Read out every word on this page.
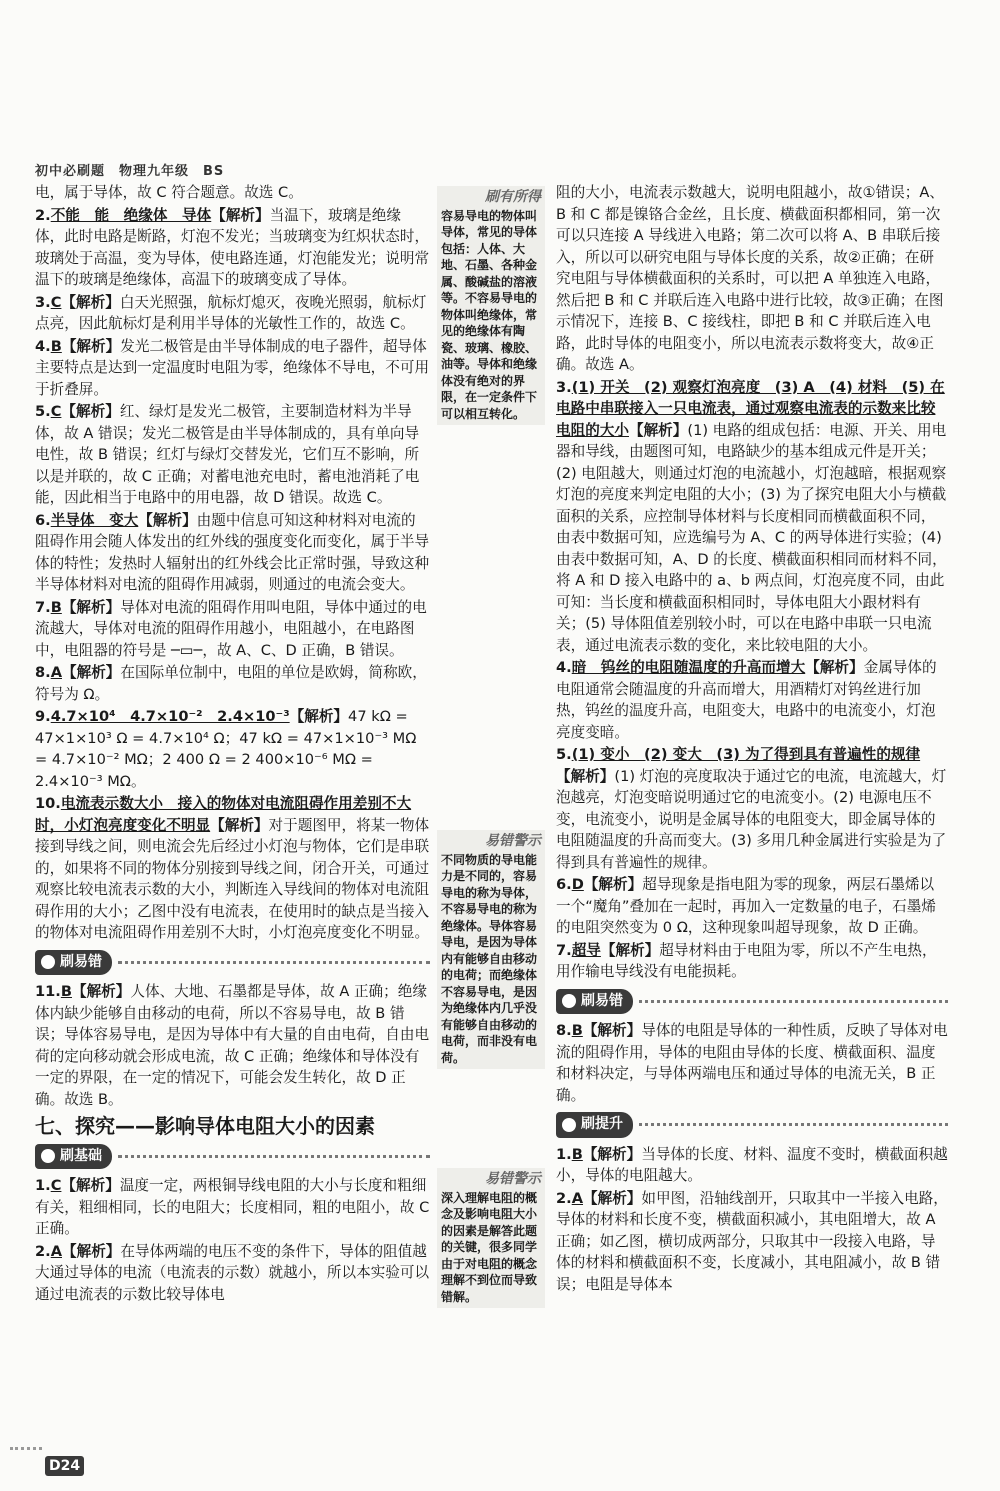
初中必刷题　物理九年级　BS
电，属于导体，故 C 符合题意。故选 C。
2.不能　能　绝缘体　导体【解析】当温下，玻璃是绝缘体，此时电路是断路，灯泡不发光；当玻璃变为红炽状态时，玻璃处于高温，变为导体，使电路连通，灯泡能发光；说明常温下的玻璃是绝缘体，高温下的玻璃变成了导体。
3.C【解析】白天光照强，航标灯熄灭，夜晚光照弱，航标灯点亮，因此航标灯是利用半导体的光敏性工作的，故选 C。
4.B【解析】发光二极管是由半导体制成的电子器件，超导体主要特点是达到一定温度时电阻为零，绝缘体不导电，不可用于折叠屏。
5.C【解析】红、绿灯是发光二极管，主要制造材料为半导体，故 A 错误；发光二极管是由半导体制成的，具有单向导电性，故 B 错误；红灯与绿灯交替发光，它们互不影响，所以是并联的，故 C 正确；对蓄电池充电时，蓄电池消耗了电能，因此相当于电路中的用电器，故 D 错误。故选 C。
6.半导体　变大【解析】由题中信息可知这种材料对电流的阻碍作用会随人体发出的红外线的强度变化而变化，属于半导体的特性；发热时人辐射出的红外线会比正常时强，导致这种半导体材料对电流的阻碍作用减弱，则通过的电流会变大。
7.B【解析】导体对电流的阻碍作用叫电阻，导体中通过的电流越大，导体对电流的阻碍作用越小，电阻越小，在电路图中，电阻器的符号是 ─▭─，故 A、C、D 正确，B 错误。
8.A【解析】在国际单位制中，电阻的单位是欧姆，简称欧，符号为 Ω。
9.4.7×10⁴　4.7×10⁻²　2.4×10⁻³【解析】47 kΩ = 47×1×10³ Ω = 4.7×10⁴ Ω；47 kΩ = 47×1×10⁻³ MΩ = 4.7×10⁻² MΩ；2 400 Ω = 2 400×10⁻⁶ MΩ = 2.4×10⁻³ MΩ。
10.电流表示数大小　接入的物体对电流阻碍作用差别不大时，小灯泡亮度变化不明显【解析】对于题图甲，将某一物体接到导线之间，则电流会先后经过小灯泡与物体，它们是串联的，如果将不同的物体分别接到导线之间，闭合开关，可通过观察比较电流表示数的大小，判断连入导线间的物体对电流阻碍作用的大小；乙图中没有电流表，在使用时的缺点是当接入的物体对电流阻碍作用差别不大时，小灯泡亮度变化不明显。
刷易错
11.B【解析】人体、大地、石墨都是导体，故 A 正确；绝缘体内缺少能够自由移动的电荷，所以不容易导电，故 B 错误；导体容易导电，是因为导体中有大量的自由电荷，自由电荷的定向移动就会形成电流，故 C 正确；绝缘体和导体没有一定的界限，在一定的情况下，可能会发生转化，故 D 正确。故选 B。
七、探究——影响导体电阻大小的因素
刷基础
1.C【解析】温度一定，两根铜导线电阻的大小与长度和粗细有关，粗细相同，长的电阻大；长度相同，粗的电阻小，故 C 正确。
2.A【解析】在导体两端的电压不变的条件下，导体的阻值越大通过导体的电流（电流表的示数）就越小，所以本实验可以通过电流表的示数比较导体电
刷有所得
容易导电的物体叫导体，常见的导体包括：人体、大地、石墨、各种金属、酸碱盐的溶液等。不容易导电的物体叫绝缘体，常见的绝缘体有陶瓷、玻璃、橡胶、油等。导体和绝缘体没有绝对的界限，在一定条件下可以相互转化。
易错警示
不同物质的导电能力是不同的，容易导电的称为导体，不容易导电的称为绝缘体。导体容易导电，是因为导体内有能够自由移动的电荷；而绝缘体不容易导电，是因为绝缘体内几乎没有能够自由移动的电荷，而非没有电荷。
易错警示
深入理解电阻的概念及影响电阻大小的因素是解答此题的关键，很多同学由于对电阻的概念理解不到位而导致错解。
阻的大小，电流表示数越大，说明电阻越小，故①错误；A、B 和 C 都是镍铬合金丝，且长度、横截面积都相同，第一次可以只连接 A 导线进入电路；第二次可以将 A、B 串联后接入，所以可以研究电阻与导体长度的关系，故②正确；在研究电阻与导体横截面积的关系时，可以把 A 单独连入电路，然后把 B 和 C 并联后连入电路中进行比较，故③正确；在图示情况下，连接 B、C 接线柱，即把 B 和 C 并联后连入电路，此时导体的电阻变小，所以电流表示数将变大，故④正确。故选 A。
3.(1) 开关　(2) 观察灯泡亮度　(3) A　(4) 材料　(5) 在电路中串联接入一只电流表，通过观察电流表的示数来比较电阻的大小【解析】(1) 电路的组成包括：电源、开关、用电器和导线，由题图可知，电路缺少的基本组成元件是开关；(2) 电阻越大，则通过灯泡的电流越小，灯泡越暗，根据观察灯泡的亮度来判定电阻的大小；(3) 为了探究电阻大小与横截面积的关系，应控制导体材料与长度相同而横截面积不同，由表中数据可知，应选编号为 A、C 的两导体进行实验；(4) 由表中数据可知，A、D 的长度、横截面积相同而材料不同，将 A 和 D 接入电路中的 a、b 两点间，灯泡亮度不同，由此可知：当长度和横截面积相同时，导体电阻大小跟材料有关；(5) 导体阻值差别较小时，可以在电路中串联一只电流表，通过电流表示数的变化，来比较电阻的大小。
4.暗　钨丝的电阻随温度的升高而增大【解析】金属导体的电阻通常会随温度的升高而增大，用酒精灯对钨丝进行加热，钨丝的温度升高，电阻变大，电路中的电流变小，灯泡亮度变暗。
5.(1) 变小　(2) 变大　(3) 为了得到具有普遍性的规律【解析】(1) 灯泡的亮度取决于通过它的电流，电流越大，灯泡越亮，灯泡变暗说明通过它的电流变小。(2) 电源电压不变，电流变小，说明是金属导体的电阻变大，即金属导体的电阻随温度的升高而变大。(3) 多用几种金属进行实验是为了得到具有普遍性的规律。
6.D【解析】超导现象是指电阻为零的现象，两层石墨烯以一个“魔角”叠加在一起时，再加入一定数量的电子，石墨烯的电阻突然变为 0 Ω，这种现象叫超导现象，故 D 正确。
7.超导【解析】超导材料由于电阻为零，所以不产生电热，用作输电导线没有电能损耗。
刷易错
8.B【解析】导体的电阻是导体的一种性质，反映了导体对电流的阻碍作用，导体的电阻由导体的长度、横截面积、温度和材料决定，与导体两端电压和通过导体的电流无关，B 正确。
刷提升
1.B【解析】当导体的长度、材料、温度不变时，横截面积越小，导体的电阻越大。
2.A【解析】如甲图，沿轴线剖开，只取其中一半接入电路，导体的材料和长度不变，横截面积减小，其电阻增大，故 A 正确；如乙图，横切成两部分，只取其中一段接入电路，导体的材料和横截面积不变，长度减小，其电阻减小，故 B 错误；电阻是导体本
D24
